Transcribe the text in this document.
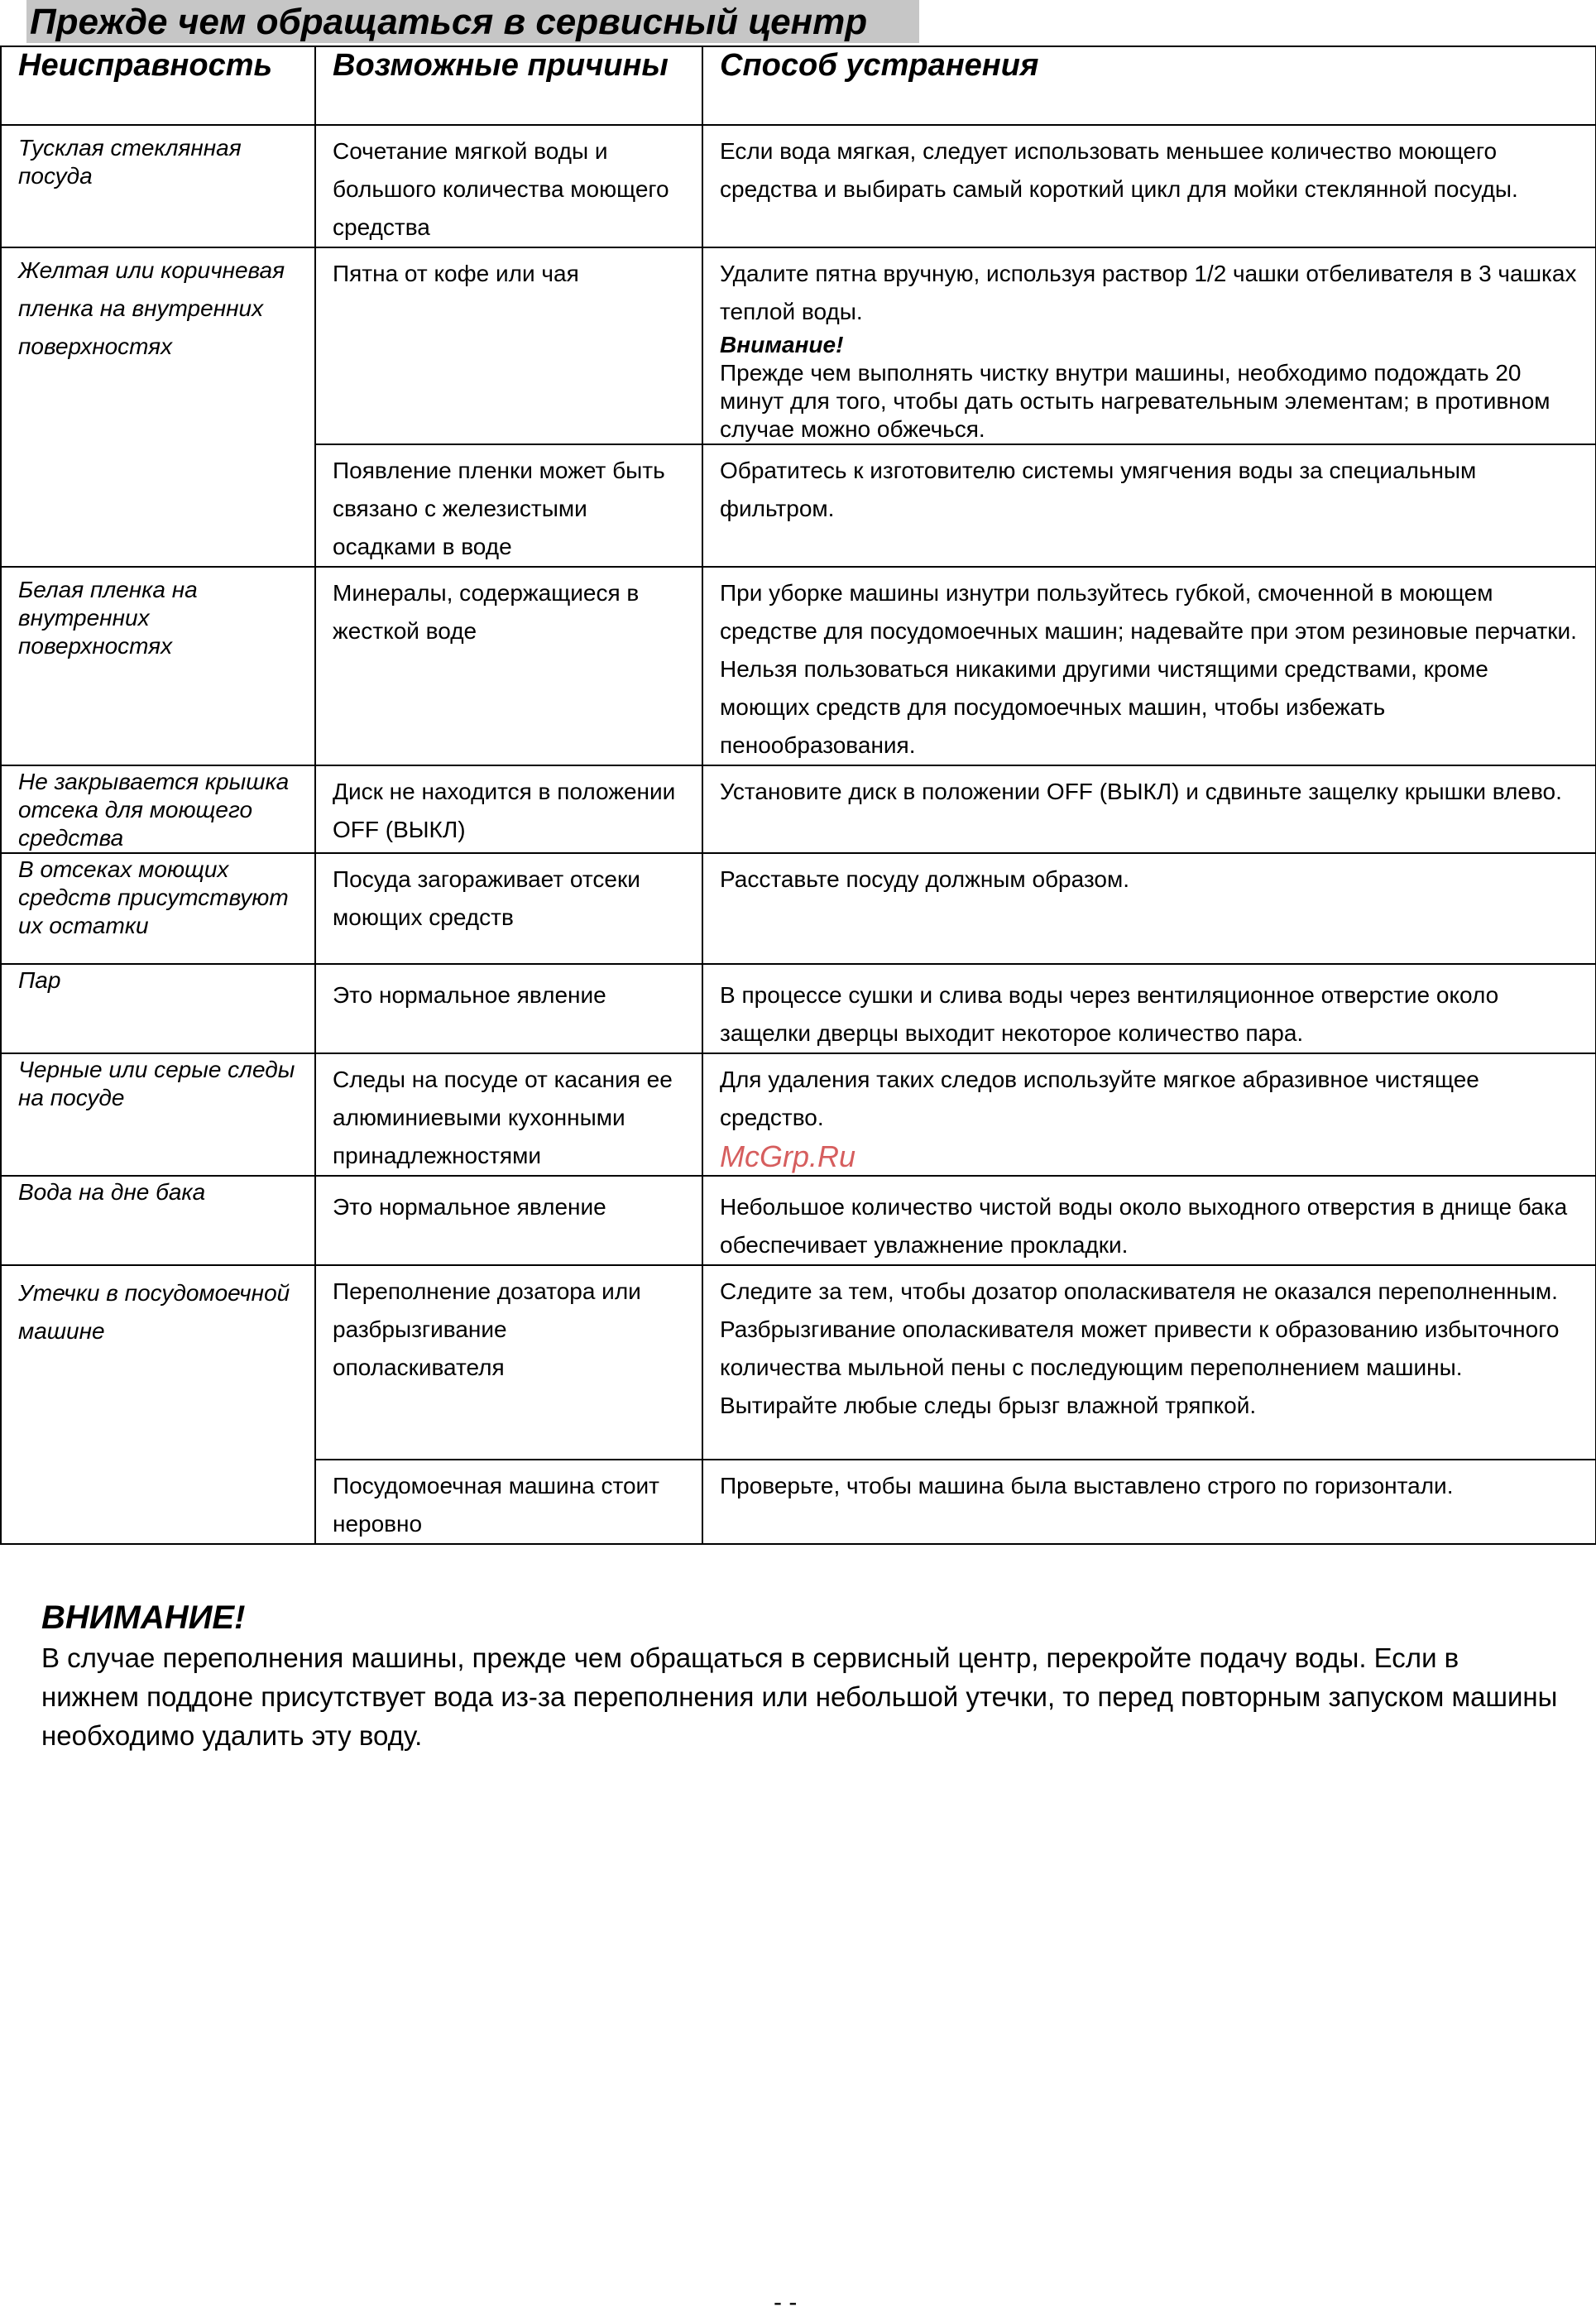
Прежде чем обращаться в сервисный центр
Неисправность	Возможные причины	Способ устранения
Тусклая стеклянная посуда	Сочетание мягкой воды и большого количества моющего средства	Если вода мягкая, следует использовать меньшее количество моющего средства и выбирать самый короткий цикл для мойки стеклянной посуды.
Желтая или коричневая пленка на внутренних поверхностях	Пятна от кофе или чая	Удалите пятна вручную, используя раствор 1/2 чашки отбеливателя в 3 чашках теплой воды.
Внимание!
Прежде чем выполнять чистку внутри машины, необходимо подождать 20 минут для того, чтобы дать остыть нагревательным элементам; в противном случае можно обжечься.

	Появление пленки может быть связано с железистыми осадками в воде	Обратитесь к изготовителю системы умягчения воды за специальным фильтром.
Белая пленка на внутренних поверхностях	Минералы, содержащиеся в жесткой воде	При уборке машины изнутри пользуйтесь губкой, смоченной в моющем средстве для посудомоечных машин; надевайте при этом резиновые перчатки. Нельзя пользоваться никакими другими чистящими средствами, кроме моющих средств для посудомоечных машин, чтобы избежать пенообразования.
Не закрывается крышка отсека для моющего средства	Диск не находится в положении OFF (ВЫКЛ)	Установите диск в положении OFF (ВЫКЛ) и сдвиньте защелку крышки влево.
В отсеках моющих средств присутствуют их остатки	Посуда загораживает отсеки моющих средств	Расставьте посуду должным образом.
Пар	Это нормальное явление	В процессе сушки и слива воды через вентиляционное отверстие около защелки дверцы выходит некоторое количество пара.
Черные или серые следы на посуде	Следы на посуде от касания ее алюминиевыми кухонными принадлежностями	Для удаления таких следов используйте мягкое абразивное чистящее средство.
Вода на дне бака	Это нормальное явление	Небольшое количество чистой воды около выходного отверстия в днище бака обеспечивает увлажнение прокладки.
Утечки в посудомоечной машине	Переполнение дозатора или разбрызгивание ополаскивателя	Следите за тем, чтобы дозатор ополаскивателя не оказался переполненным.
Разбрызгивание ополаскивателя может привести к образованию избыточного количества мыльной пены с последующим переполнением машины. Вытирайте любые следы брызг влажной тряпкой.

	Посудомоечная машина стоит неровно	Проверьте, чтобы машина была выставлено строго по горизонтали.
McGrp.Ru
ВНИМАНИЕ!
В случае переполнения машины, прежде чем обращаться в сервисный центр, перекройте подачу воды. Если в нижнем поддоне присутствует вода из-за переполнения или небольшой утечки, то перед повторным запуском машины необходимо удалить эту воду.
- -
